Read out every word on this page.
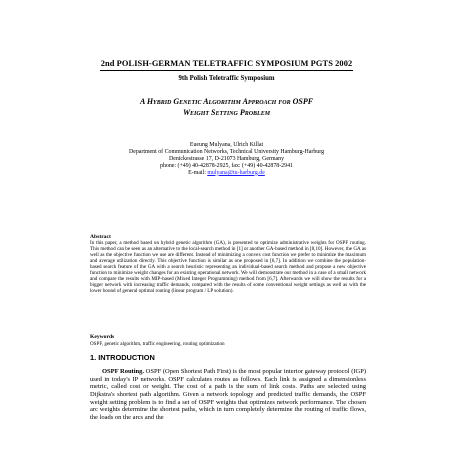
2nd POLISH-GERMAN TELETRAFFIC SYMPOSIUM PGTS 2002
9th Polish Teletraffic Symposium
A Hybrid Genetic Algorithm Approach for OSPF
Weight Setting Problem
Eueung Mulyana, Ulrich Killat
Department of Communication Networks, Technical University Hamburg-Harburg
Denickestrasse 17, D-21073 Hamburg, Germany
phone: (+49) 40-42878-2925, fax: (+49) 40-42878-2941
E-mail: mulyana@tu-harburg.de
Abstract
In this paper, a method based on hybrid genetic algorithm (GA), is presented to optimize administrative weights for OSPF routing. This method can be seen as an alternative to the local-search method in [1] or another GA-based method in [8,10]. However, the GA as well as the objective function we use are different. Instead of minimizing a convex cost function we prefer to minimize the maximum and average utilization directly. This objective function is similar as one proposed in [6,7]. In addition we combine the population-based search feature of the GA with a search heuristic representing an individual-based search method and propose a new objective function to minimize weight changes for an existing operational network. We will demonstrate our method in a case of a small network and compare the results with MIP-based (Mixed Integer Programming) method from [6,7]. Afterwards we will show the results for a bigger network with increasing traffic demands, compared with the results of some conventional weight settings as well as with the lower bound of general optimal routing (linear program / LP solution).
Keywords
OSPF, genetic algorithm, traffic engineering, routing optimization
1. INTRODUCTION
OSPF Routing. OSPF (Open Shortest Path First) is the most popular interior gateway protocol (IGP) used in today's IP networks. OSPF calculates routes as follows. Each link is assigned a dimensionless metric, called cost or weight. The cost of a path is the sum of link costs. Paths are selected using Dijkstra's shortest path algorithm. Given a network topology and predicted traffic demands, the OSPF weight setting problem is to find a set of OSPF weights that optimizes network performance. The chosen arc weights determine the shortest paths, which in turn completely determine the routing of traffic flows, the loads on the arcs and the
